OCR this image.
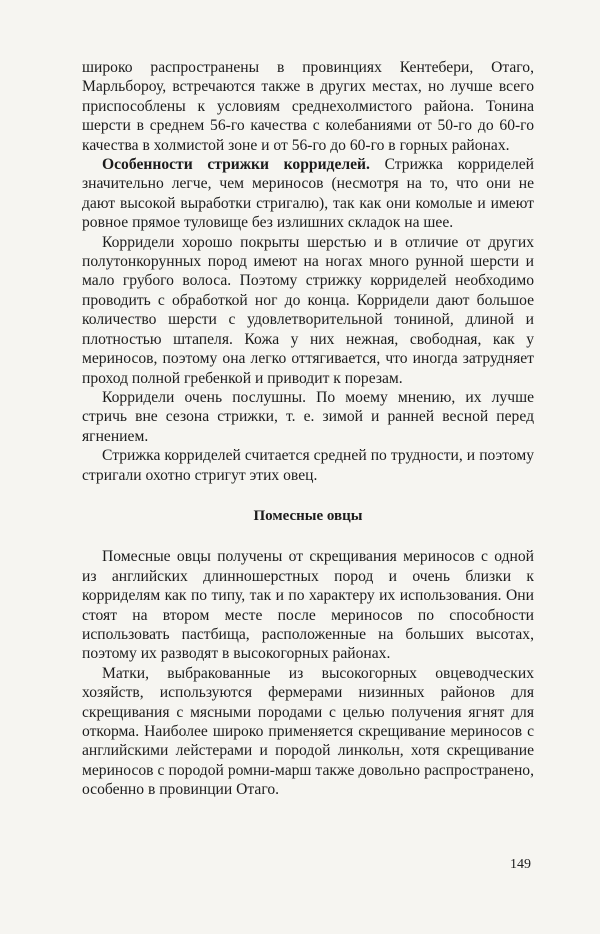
широко распространены в провинциях Кентебери, Отаго, Марльбороу, встречаются также в других местах, но лучше всего приспособлены к условиям среднехолмистого района. Тонина шерсти в среднем 56-го качества с колебаниями от 50-го до 60-го качества в холмистой зоне и от 56-го до 60-го в горных районах.

Особенности стрижки корриделей. Стрижка корриделей значительно легче, чем мериносов (несмотря на то, что они не дают высокой выработки стригалю), так как они комолые и имеют ровное прямое туловище без излишних складок на шее.

Корридели хорошо покрыты шерстью и в отличие от других полутонкорунных пород имеют на ногах много рунной шерсти и мало грубого волоса. Поэтому стрижку корриделей необходимо проводить с обработкой ног до конца. Корридели дают большое количество шерсти с удовлетворительной тониной, длиной и плотностью штапеля. Кожа у них нежная, свободная, как у мериносов, поэтому она легко оттягивается, что иногда затрудняет проход полной гребенкой и приводит к порезам.

Корридели очень послушны. По моему мнению, их лучше стричь вне сезона стрижки, т. е. зимой и ранней весной перед ягнением.

Стрижка корриделей считается средней по трудности, и поэтому стригали охотно стригут этих овец.

Помесные овцы

Помесные овцы получены от скрещивания мериносов с одной из английских длинношерстных пород и очень близки к корриделям как по типу, так и по характеру их использования. Они стоят на втором месте после мериносов по способности использовать пастбища, расположенные на больших высотах, поэтому их разводят в высокогорных районах.

Матки, выбракованные из высокогорных овцеводческих хозяйств, используются фермерами низинных районов для скрещивания с мясными породами с целью получения ягнят для откорма. Наиболее широко применяется скрещивание мериносов с английскими лейстерами и породой линкольн, хотя скрещивание мериносов с породой ромни-марш также довольно распространено, особенно в провинции Отаго.

149
